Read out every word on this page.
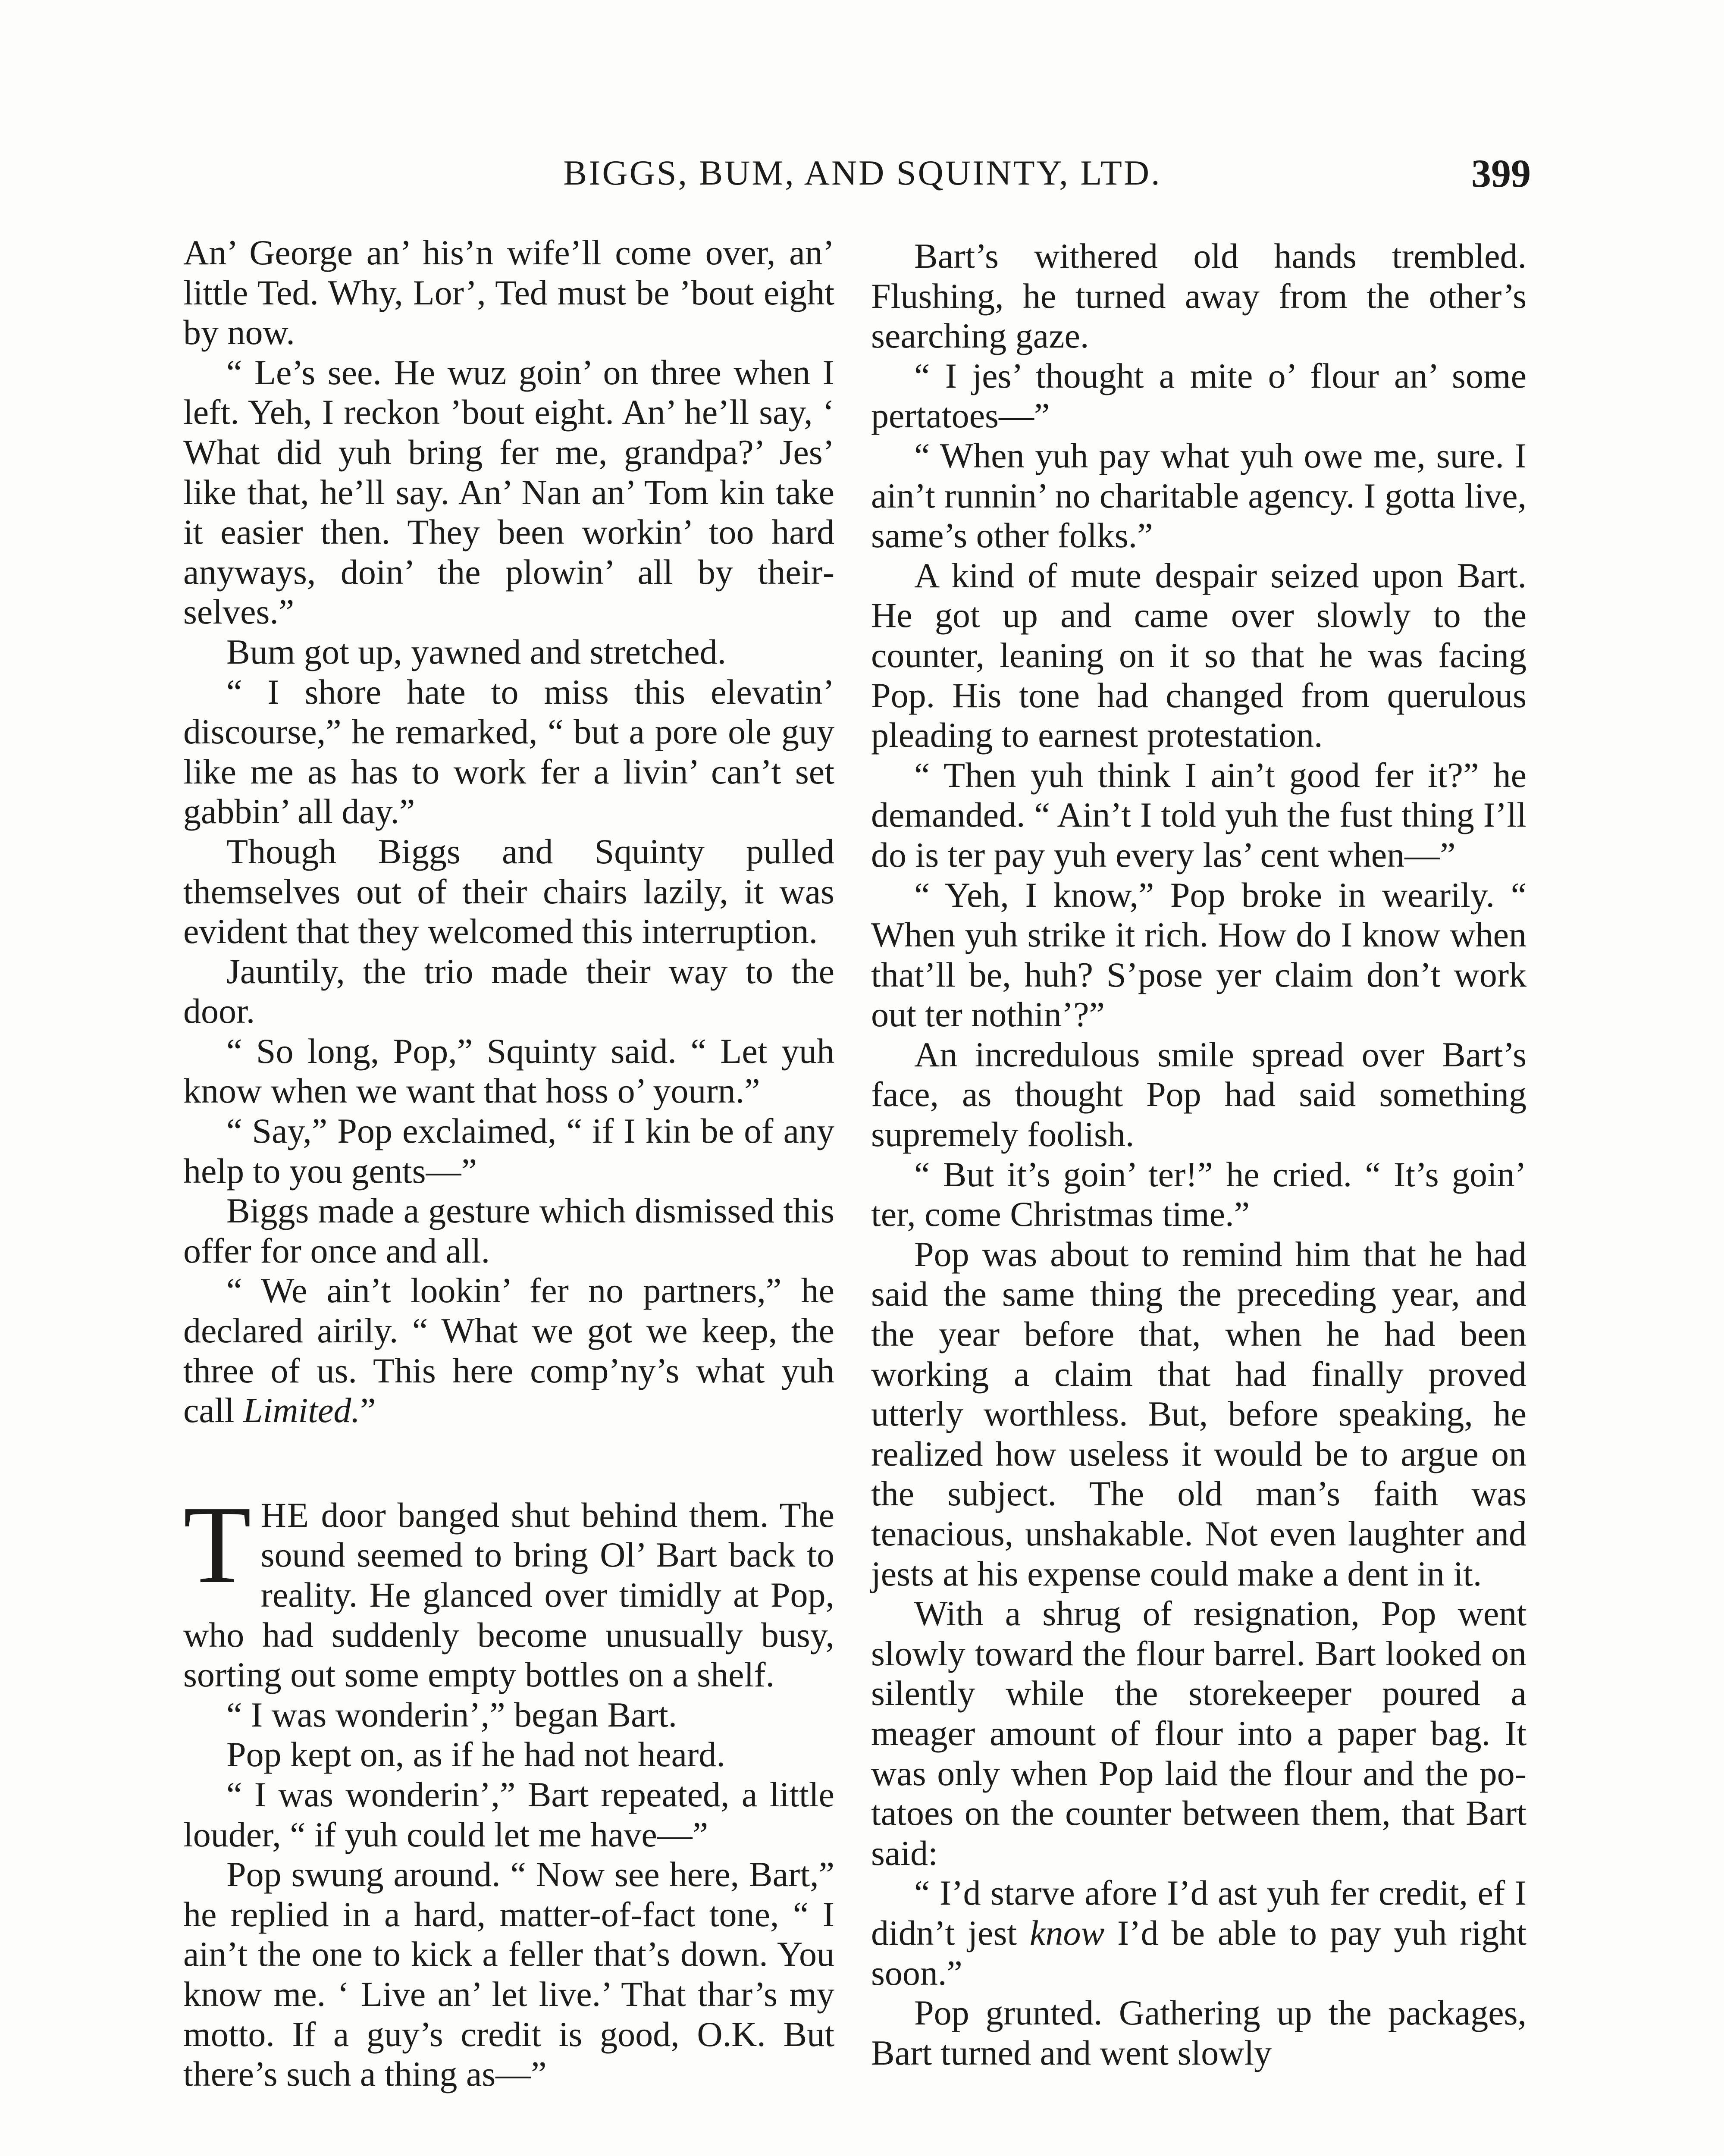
BIGGS, BUM, AND SQUINTY, LTD.	399

An’ George an’ his’n wife’ll come over, an’ little Ted. Why, Lor’, Ted must be ’bout eight by now.

“ Le’s see. He wuz goin’ on three when I left. Yeh, I reckon ’bout eight. An’ he’ll say, ‘ What did yuh bring fer me, grandpa?’ Jes’ like that, he’ll say. An’ Nan an’ Tom kin take it easier then. They been workin’ too hard anyways, doin’ the plowin’ all by theirselves.”

Bum got up, yawned and stretched.

“ I shore hate to miss this elevatin’ discourse,” he remarked, “ but a pore ole guy like me as has to work fer a livin’ can’t set gabbin’ all day.”

Though Biggs and Squinty pulled themselves out of their chairs lazily, it was evident that they welcomed this interruption.

Jauntily, the trio made their way to the door.

“ So long, Pop,” Squinty said. “ Let yuh know when we want that hoss o’ yourn.”

“ Say,” Pop exclaimed, “ if I kin be of any help to you gents—”

Biggs made a gesture which dismissed this offer for once and all.

“ We ain’t lookin’ fer no partners,” he declared airily. “ What we got we keep, the three of us. This here comp’ny’s what yuh call Limited.”

THE door banged shut behind them. The sound seemed to bring Ol’ Bart back to reality. He glanced over timidly at Pop, who had suddenly become unusually busy, sorting out some empty bottles on a shelf.

“ I was wonderin’,” began Bart.

Pop kept on, as if he had not heard.

“ I was wonderin’,” Bart repeated, a little louder, “ if yuh could let me have—”

Pop swung around. “ Now see here, Bart,” he replied in a hard, matter-of-fact tone, “ I ain’t the one to kick a feller that’s down. You know me. ‘ Live an’ let live.’ That thar’s my motto. If a guy’s credit is good, O.K. But there’s such a thing as—”

Bart’s withered old hands trembled. Flushing, he turned away from the other’s searching gaze.

“ I jes’ thought a mite o’ flour an’ some pertatoes—”

“ When yuh pay what yuh owe me, sure. I ain’t runnin’ no charitable agency. I gotta live, same’s other folks.”

A kind of mute despair seized upon Bart. He got up and came over slowly to the counter, leaning on it so that he was facing Pop. His tone had changed from querulous pleading to earnest protestation.

“ Then yuh think I ain’t good fer it?” he demanded. “ Ain’t I told yuh the fust thing I’ll do is ter pay yuh every las’ cent when—”

“ Yeh, I know,” Pop broke in wearily. “ When yuh strike it rich. How do I know when that’ll be, huh? S’pose yer claim don’t work out ter nothin’?”

An incredulous smile spread over Bart’s face, as thought Pop had said something supremely foolish.

“ But it’s goin’ ter!” he cried. “ It’s goin’ ter, come Christmas time.”

Pop was about to remind him that he had said the same thing the preceding year, and the year before that, when he had been working a claim that had finally proved utterly worthless. But, before speaking, he realized how useless it would be to argue on the subject. The old man’s faith was tenacious, unshakable. Not even laughter and jests at his expense could make a dent in it.

With a shrug of resignation, Pop went slowly toward the flour barrel. Bart looked on silently while the storekeeper poured a meager amount of flour into a paper bag. It was only when Pop laid the flour and the potatoes on the counter between them, that Bart said:

“ I’d starve afore I’d ast yuh fer credit, ef I didn’t jest know I’d be able to pay yuh right soon.”

Pop grunted. Gathering up the packages, Bart turned and went slowly
